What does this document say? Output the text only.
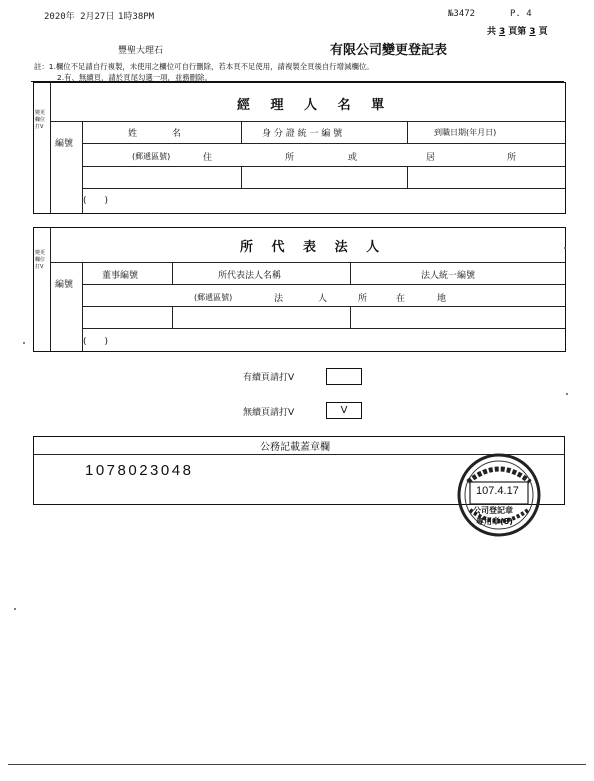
2020年 2月27日 1時38PM	№3472	P. 4
共 3 頁第 3 頁
豐聖大理石	有限公司變更登記表
註：1.欄位不足請自行複製，未使用之欄位可自行刪除，若本頁不足使用，請複製全頁後自行增減欄位。
2.有、無續頁，請於頁尾勾選一項，並務刪除。
變更
欄位
打V
經 理 人 名 單
編號
姓　　　名	身 分 證 統 一 編 號	到職日期(年月日)
(郵遞區號)	住	所	或	居	所
(　　)
變更
欄位
打V
所 代 表 法 人
編號
董事編號	所代表法人名稱	法人統一編號
(郵遞區號)	法	人	所	在	地
(　　)
有續頁請打V
無續頁請打V	V
公務記載蓋章欄
1078023048
107.4.17
公司登記章
專用章(8)
